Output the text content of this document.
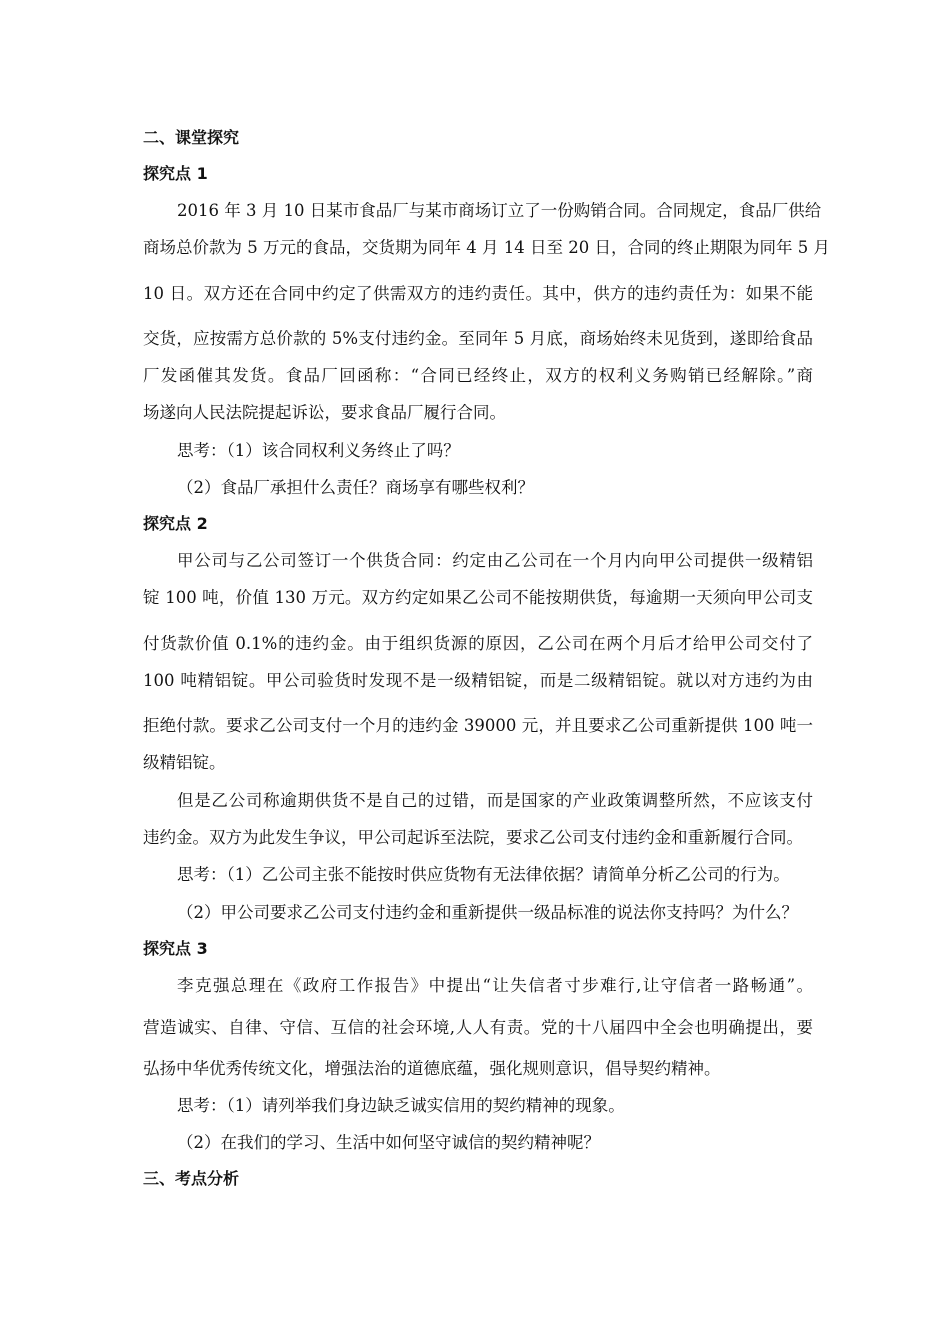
二、课堂探究
探究点 1
2016 年 3 月 10 日某市食品厂与某市商场订立了一份购销合同。合同规定，食品厂供给
商场总价款为 5 万元的食品，交货期为同年 4 月 14 日至 20 日，合同的终止期限为同年 5 月
10 日。双方还在合同中约定了供需双方的违约责任。其中，供方的违约责任为：如果不能
交货，应按需方总价款的 5%支付违约金。至同年 5 月底，商场始终未见货到，遂即给食品
厂发函催其发货。食品厂回函称：“合同已经终止，双方的权利义务购销已经解除。”商
场遂向人民法院提起诉讼，要求食品厂履行合同。
思考：（1）该合同权利义务终止了吗？
（2）食品厂承担什么责任？商场享有哪些权利？
探究点 2
甲公司与乙公司签订一个供货合同：约定由乙公司在一个月内向甲公司提供一级精铝
锭 100 吨，价值 130 万元。双方约定如果乙公司不能按期供货，每逾期一天须向甲公司支
付货款价值 0.1%的违约金。由于组织货源的原因，乙公司在两个月后才给甲公司交付了
100 吨精铝锭。甲公司验货时发现不是一级精铝锭，而是二级精铝锭。就以对方违约为由
拒绝付款。要求乙公司支付一个月的违约金 39000 元，并且要求乙公司重新提供 100 吨一
级精铝锭。
但是乙公司称逾期供货不是自己的过错，而是国家的产业政策调整所然，不应该支付
违约金。双方为此发生争议，甲公司起诉至法院，要求乙公司支付违约金和重新履行合同。
思考：（1）乙公司主张不能按时供应货物有无法律依据？请简单分析乙公司的行为。
（2）甲公司要求乙公司支付违约金和重新提供一级品标准的说法你支持吗？为什么？
探究点 3
李克强总理在《政府工作报告》中提出“让失信者寸步难行,让守信者一路畅通”。
营造诚实、自律、守信、互信的社会环境,人人有责。党的十八届四中全会也明确提出，要
弘扬中华优秀传统文化，增强法治的道德底蕴，强化规则意识，倡导契约精神。
思考：（1）请列举我们身边缺乏诚实信用的契约精神的现象。
（2）在我们的学习、生活中如何坚守诚信的契约精神呢？
三、考点分析
